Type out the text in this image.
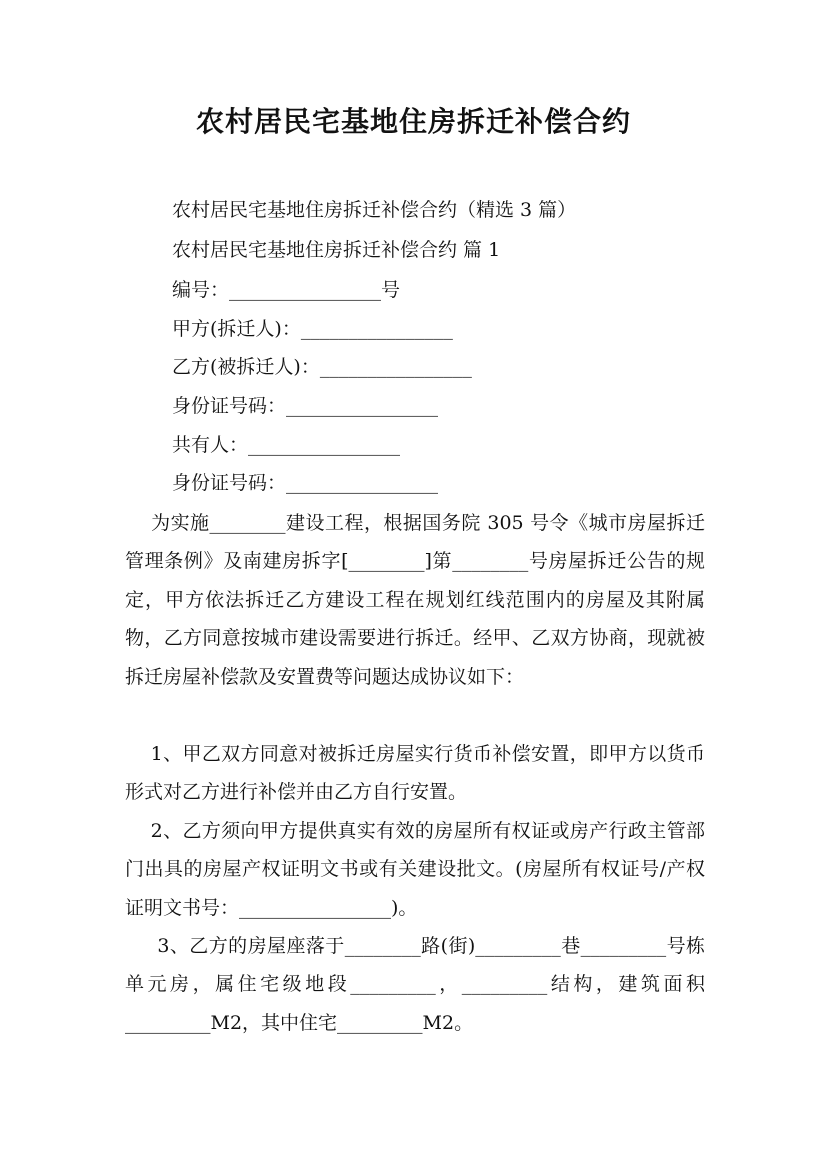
农村居民宅基地住房拆迁补偿合约
农村居民宅基地住房拆迁补偿合约（精选 3 篇）
农村居民宅基地住房拆迁补偿合约 篇 1
编号：________________号
甲方(拆迁人)：________________
乙方(被拆迁人)：________________
身份证号码：________________
共有人：________________
身份证号码：________________

为实施________建设工程，根据国务院 305 号令《城市房屋拆迁管理条例》及南建房拆字[________]第________号房屋拆迁公告的规定，甲方依法拆迁乙方建设工程在规划红线范围内的房屋及其附属物，乙方同意按城市建设需要进行拆迁。经甲、乙双方协商，现就被拆迁房屋补偿款及安置费等问题达成协议如下：

1、甲乙双方同意对被拆迁房屋实行货币补偿安置，即甲方以货币形式对乙方进行补偿并由乙方自行安置。

2、乙方须向甲方提供真实有效的房屋所有权证或房产行政主管部门出具的房屋产权证明文书或有关建设批文。(房屋所有权证号/产权证明文书号：________________)。

3、乙方的房屋座落于________路(街)_________巷_________号栋单元房，属住宅级地段_________，_________结构，建筑面积_________M2，其中住宅_________M2。
